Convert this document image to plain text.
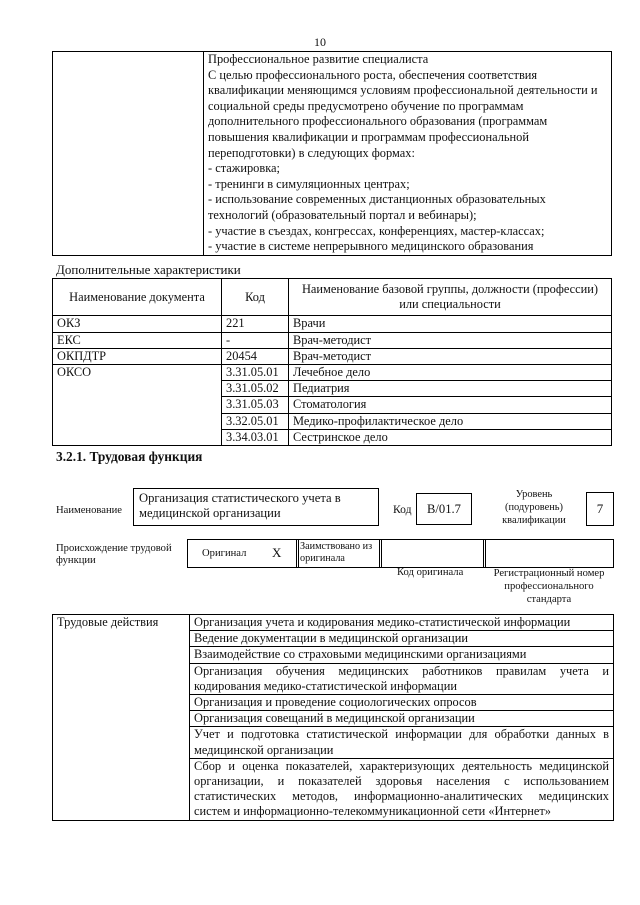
10

Профессиональное развитие специалиста
С целью профессионального роста, обеспечения соответствия квалификации меняющимся условиям профессиональной деятельности и социальной среды предусмотрено обучение по программам дополнительного профессионального образования (программам повышения квалификации и программам профессиональной переподготовки) в следующих формах:
- стажировка;
- тренинги в симуляционных центрах;
- использование современных дистанционных образовательных технологий (образовательный портал и вебинары);
- участие в съездах, конгрессах, конференциях, мастер-классах;
- участие в системе непрерывного медицинского образования
Дополнительные характеристики
Наименование документа	Код	Наименование базовой группы, должности (профессии) или специальности
ОКЗ	221	Врачи
ЕКС	-	Врач-методист
ОКПДТР	20454	Врач-методист
ОКСО	3.31.05.01	Лечебное дело
	3.31.05.02	Педиатрия
	3.31.05.03	Стоматология
	3.32.05.01	Медико-профилактическое дело
	3.34.03.01	Сестринское дело
3.2.1. Трудовая функция
Наименование
Организация статистического учета в медицинской организации	Код	В/01.7
Уровень (подуровень) квалификации
7
Происхождение трудовой функции
Оригинал X Заимствовано из оригинала
Код оригинала	Регистрационный номер профессионального стандарта
Трудовые действия	Организация учета и кодирования медико-статистической информации
Ведение документации в медицинской организации
Взаимодействие со страховыми медицинскими организациями
Организация обучения медицинских работников правилам учета и кодирования медико-статистической информации
Организация и проведение социологических опросов
Организация совещаний в медицинской организации
Учет и подготовка статистической информации для обработки данных в медицинской организации
Сбор и оценка показателей, характеризующих деятельность медицинской организации, и показателей здоровья населения с использованием статистических методов, информационно-аналитических медицинских систем и информационно-телекоммуникационной сети «Интернет»
